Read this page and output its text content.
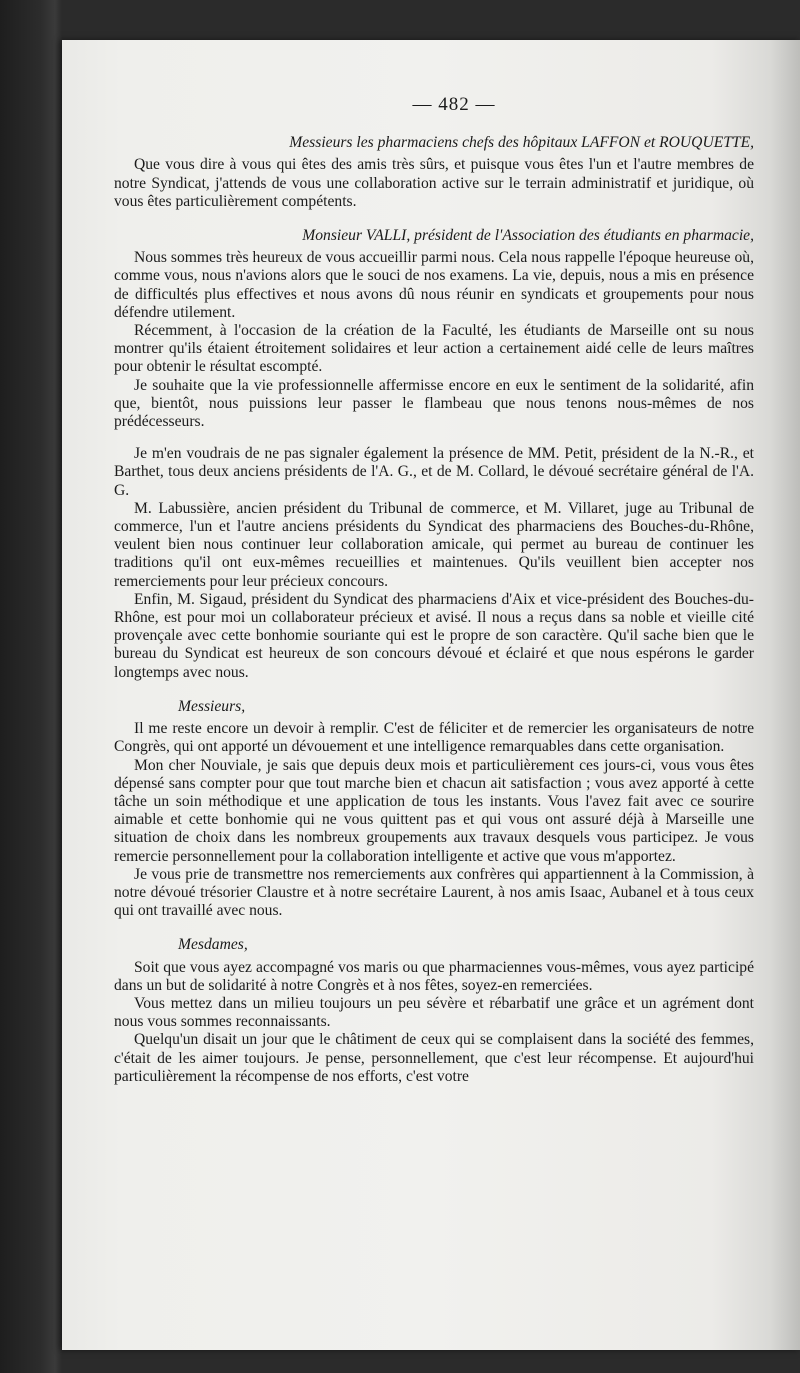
— 482 —
Messieurs les pharmaciens chefs des hôpitaux LAFFON et ROUQUETTE,

Que vous dire à vous qui êtes des amis très sûrs, et puisque vous êtes l'un et l'autre membres de notre Syndicat, j'attends de vous une collaboration active sur le terrain administratif et juridique, où vous êtes particulièrement compétents.

Monsieur VALLI, président de l'Association des étudiants en pharmacie,

Nous sommes très heureux de vous accueillir parmi nous. Cela nous rappelle l'époque heureuse où, comme vous, nous n'avions alors que le souci de nos examens. La vie, depuis, nous a mis en présence de difficultés plus effectives et nous avons dû nous réunir en syndicats et groupements pour nous défendre utilement.

Récemment, à l'occasion de la création de la Faculté, les étudiants de Marseille ont su nous montrer qu'ils étaient étroitement solidaires et leur action a certainement aidé celle de leurs maîtres pour obtenir le résultat escompté.

Je souhaite que la vie professionnelle affermisse encore en eux le sentiment de la solidarité, afin que, bientôt, nous puissions leur passer le flambeau que nous tenons nous-mêmes de nos prédécesseurs.

Je m'en voudrais de ne pas signaler également la présence de MM. Petit, président de la N.-R., et Barthet, tous deux anciens présidents de l'A. G., et de M. Collard, le dévoué secrétaire général de l'A. G.

M. Labussière, ancien président du Tribunal de commerce, et M. Villaret, juge au Tribunal de commerce, l'un et l'autre anciens présidents du Syndicat des pharmaciens des Bouches-du-Rhône, veulent bien nous continuer leur collaboration amicale, qui permet au bureau de continuer les traditions qu'il ont eux-mêmes recueillies et maintenues. Qu'ils veuillent bien accepter nos remerciements pour leur précieux concours.

Enfin, M. Sigaud, président du Syndicat des pharmaciens d'Aix et vice-président des Bouches-du-Rhône, est pour moi un collaborateur précieux et avisé. Il nous a reçus dans sa noble et vieille cité provençale avec cette bonhomie souriante qui est le propre de son caractère. Qu'il sache bien que le bureau du Syndicat est heureux de son concours dévoué et éclairé et que nous espérons le garder longtemps avec nous.

Messieurs,

Il me reste encore un devoir à remplir. C'est de féliciter et de remercier les organisateurs de notre Congrès, qui ont apporté un dévouement et une intelligence remarquables dans cette organisation.

Mon cher Nouviale, je sais que depuis deux mois et particulièrement ces jours-ci, vous vous êtes dépensé sans compter pour que tout marche bien et chacun ait satisfaction ; vous avez apporté à cette tâche un soin méthodique et une application de tous les instants. Vous l'avez fait avec ce sourire aimable et cette bonhomie qui ne vous quittent pas et qui vous ont assuré déjà à Marseille une situation de choix dans les nombreux groupements aux travaux desquels vous participez. Je vous remercie personnellement pour la collaboration intelligente et active que vous m'apportez.

Je vous prie de transmettre nos remerciements aux confrères qui appartiennent à la Commission, à notre dévoué trésorier Claustre et à notre secrétaire Laurent, à nos amis Isaac, Aubanel et à tous ceux qui ont travaillé avec nous.

Mesdames,

Soit que vous ayez accompagné vos maris ou que pharmaciennes vous-mêmes, vous ayez participé dans un but de solidarité à notre Congrès et à nos fêtes, soyez-en remerciées.

Vous mettez dans un milieu toujours un peu sévère et rébarbatif une grâce et un agrément dont nous vous sommes reconnaissants.

Quelqu'un disait un jour que le châtiment de ceux qui se complaisent dans la société des femmes, c'était de les aimer toujours. Je pense, personnellement, que c'est leur récompense. Et aujourd'hui particulièrement la récompense de nos efforts, c'est votre
